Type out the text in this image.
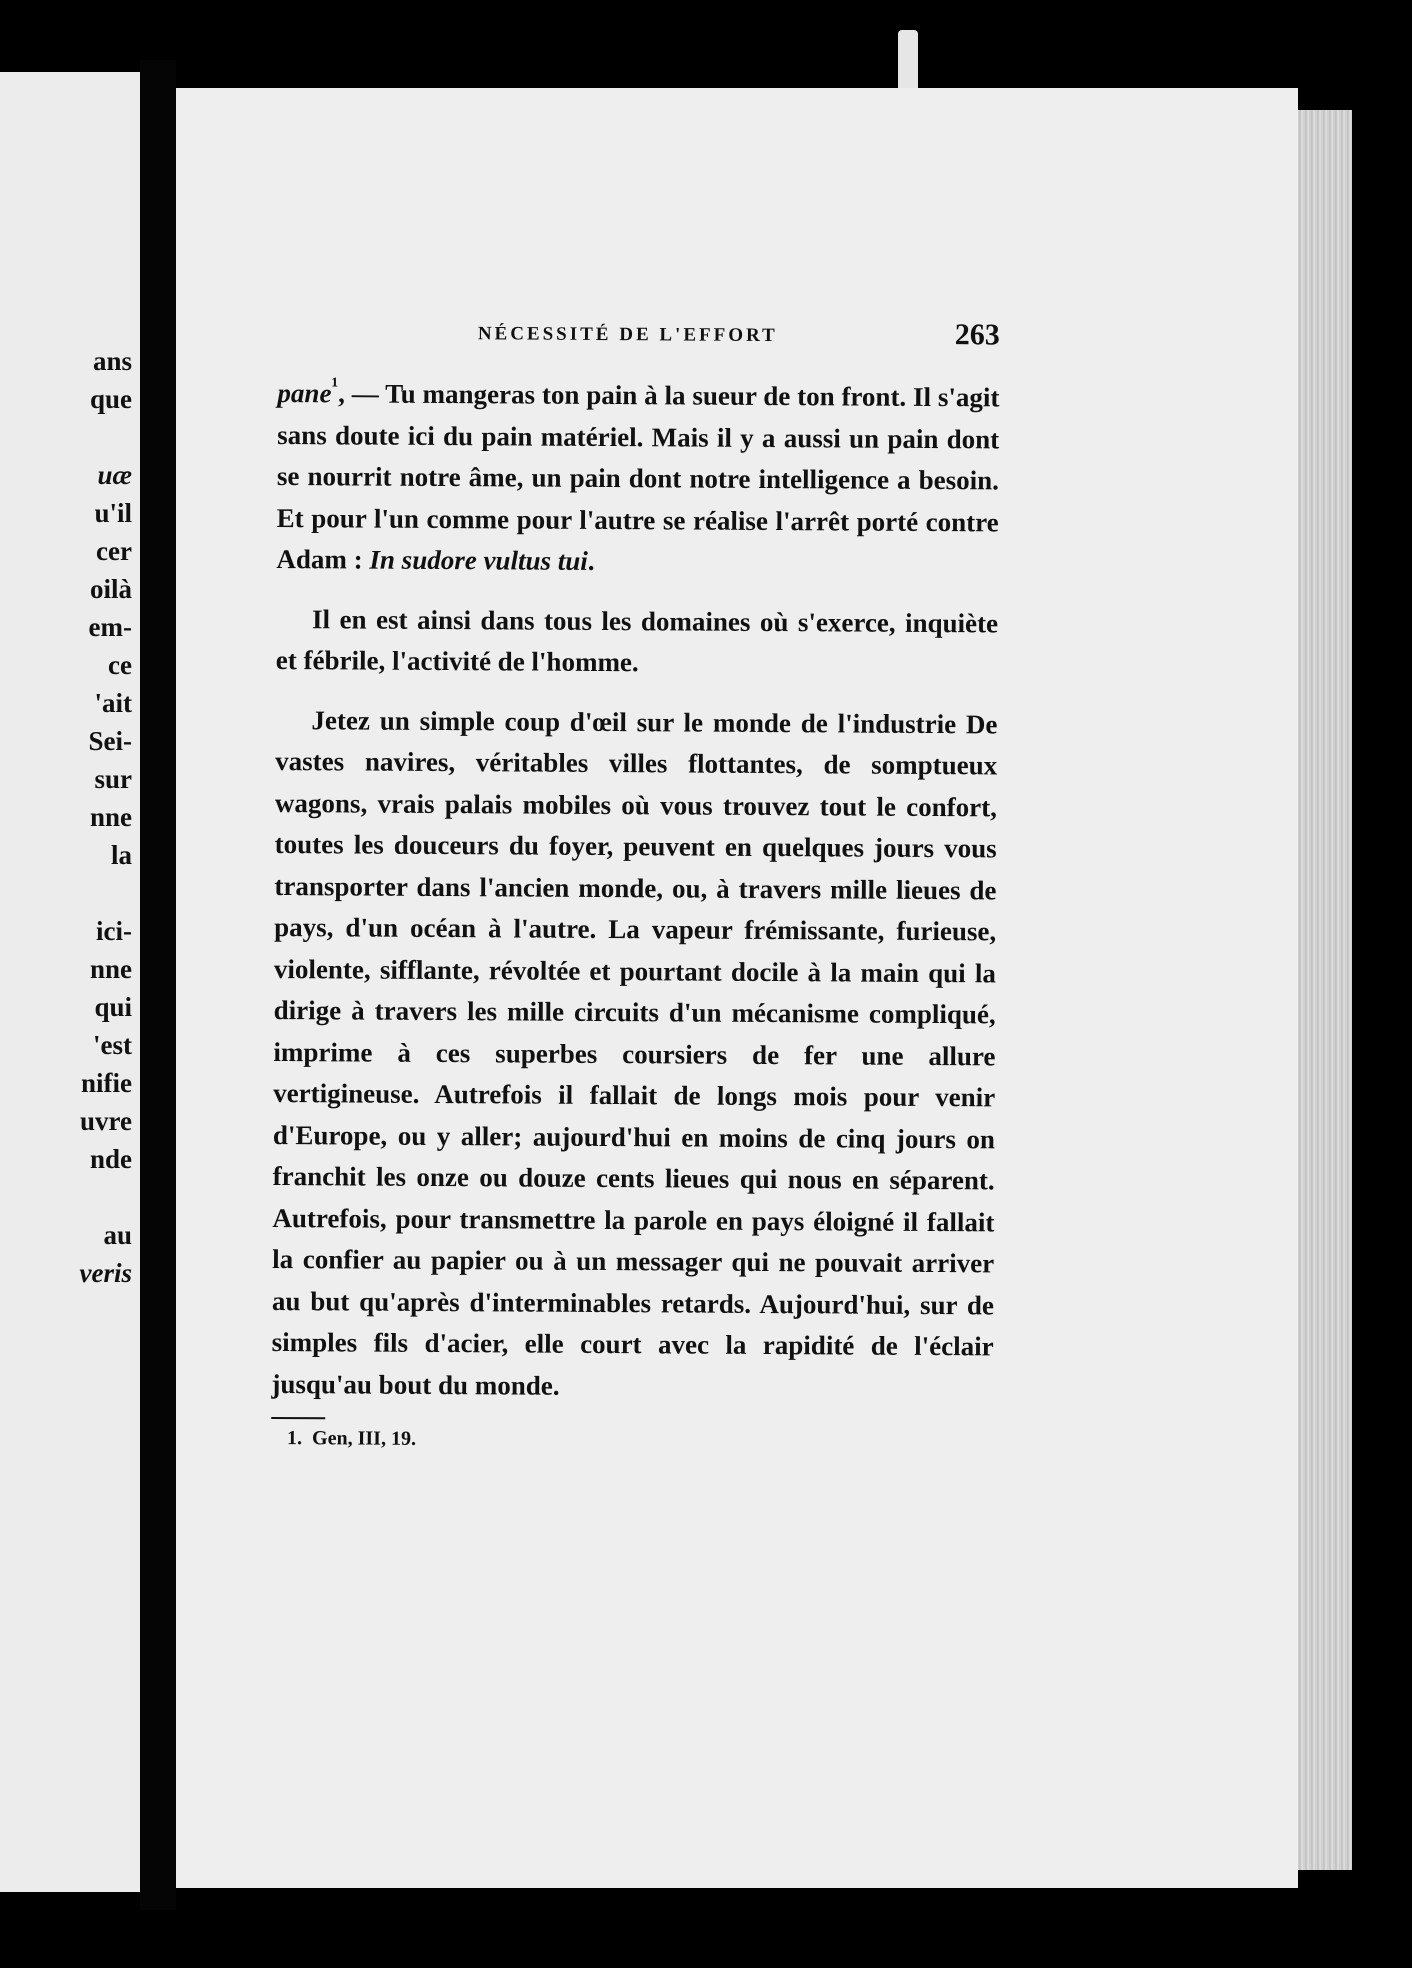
ans
que
uæ
u'il
cer
oilà
em-
ce
'ait
Sei-
sur
nne
la
ici-
nne
qui
'est
nifie
uvre
nde
au
veris
NÉCESSITÉ DE L'EFFORT	263

pane$^{^1}$, — Tu mangeras ton pain à la sueur de ton front. Il s'agit sans doute ici du pain matériel. Mais il y a aussi un pain dont se nourrit notre âme, un pain dont notre intelligence a besoin. Et pour l'un comme pour l'autre se réalise l'arrêt porté contre Adam : In sudore vultus tui.

Il en est ainsi dans tous les domaines où s'exerce, inquiète et fébrile, l'activité de l'homme.

Jetez un simple coup d'œil sur le monde de l'industrie De vastes navires, véritables villes flottantes, de somptueux wagons, vrais palais mobiles où vous trouvez tout le confort, toutes les douceurs du foyer, peuvent en quelques jours vous transporter dans l'ancien monde, ou, à travers mille lieues de pays, d'un océan à l'autre. La vapeur frémissante, furieuse, violente, sifflante, révoltée et pourtant docile à la main qui la dirige à travers les mille circuits d'un mécanisme compliqué, imprime à ces superbes coursiers de fer une allure vertigineuse. Autrefois il fallait de longs mois pour venir d'Europe, ou y aller; aujourd'hui en moins de cinq jours on franchit les onze ou douze cents lieues qui nous en séparent. Autrefois, pour transmettre la parole en pays éloigné il fallait la confier au papier ou à un messager qui ne pouvait arriver au but qu'après d'interminables retards. Aujourd'hui, sur de simples fils d'acier, elle court avec la rapidité de l'éclair jusqu'au bout du monde.

1. Gen, III, 19.
